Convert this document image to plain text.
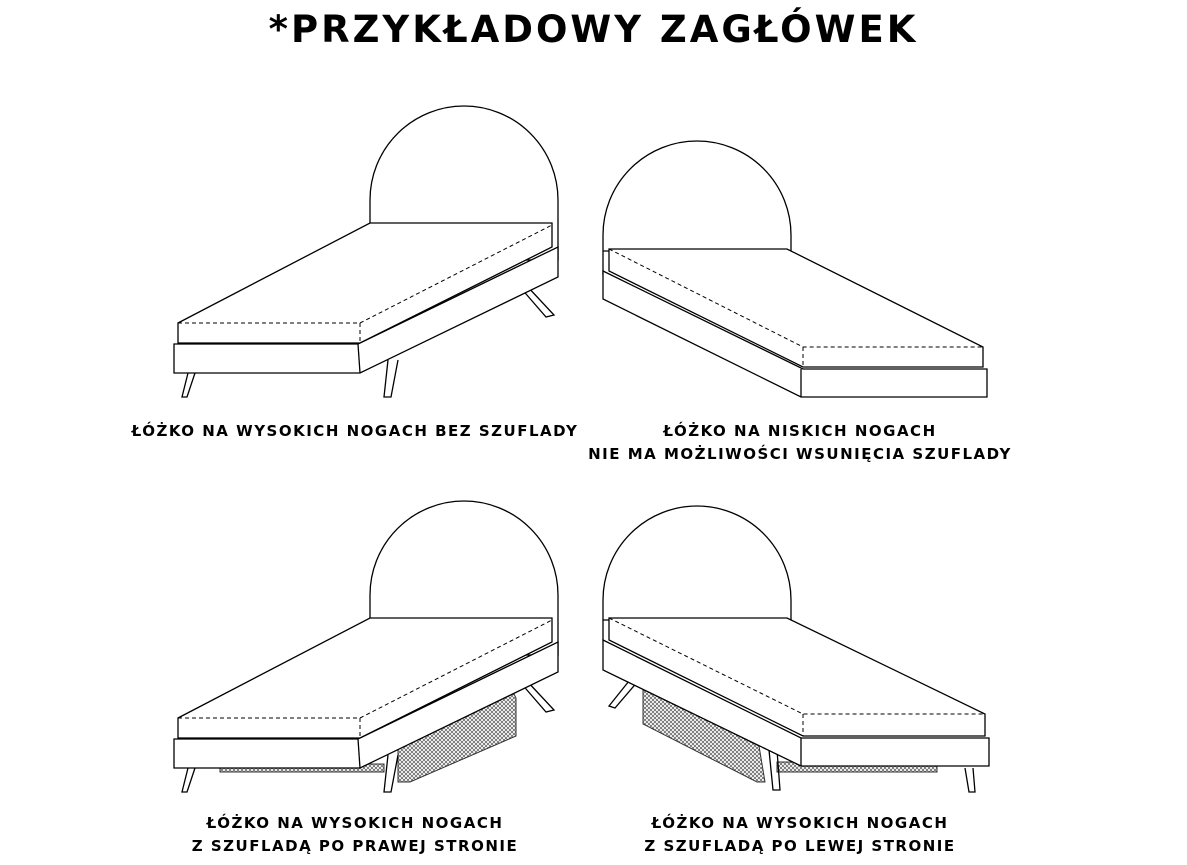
*PRZYKŁADOWY ZAGŁÓWEK
ŁÓŻKO NA WYSOKICH NOGACH BEZ SZUFLADY	ŁÓŻKO NA NISKICH NOGACH
NIE MA MOŻLIWOŚCI WSUNIĘCIA SZUFLADY
ŁÓŻKO NA WYSOKICH NOGACH
Z SZUFLADĄ PO PRAWEJ STRONIE
ŁÓŻKO NA WYSOKICH NOGACH
Z SZUFLADĄ PO LEWEJ STRONIE
